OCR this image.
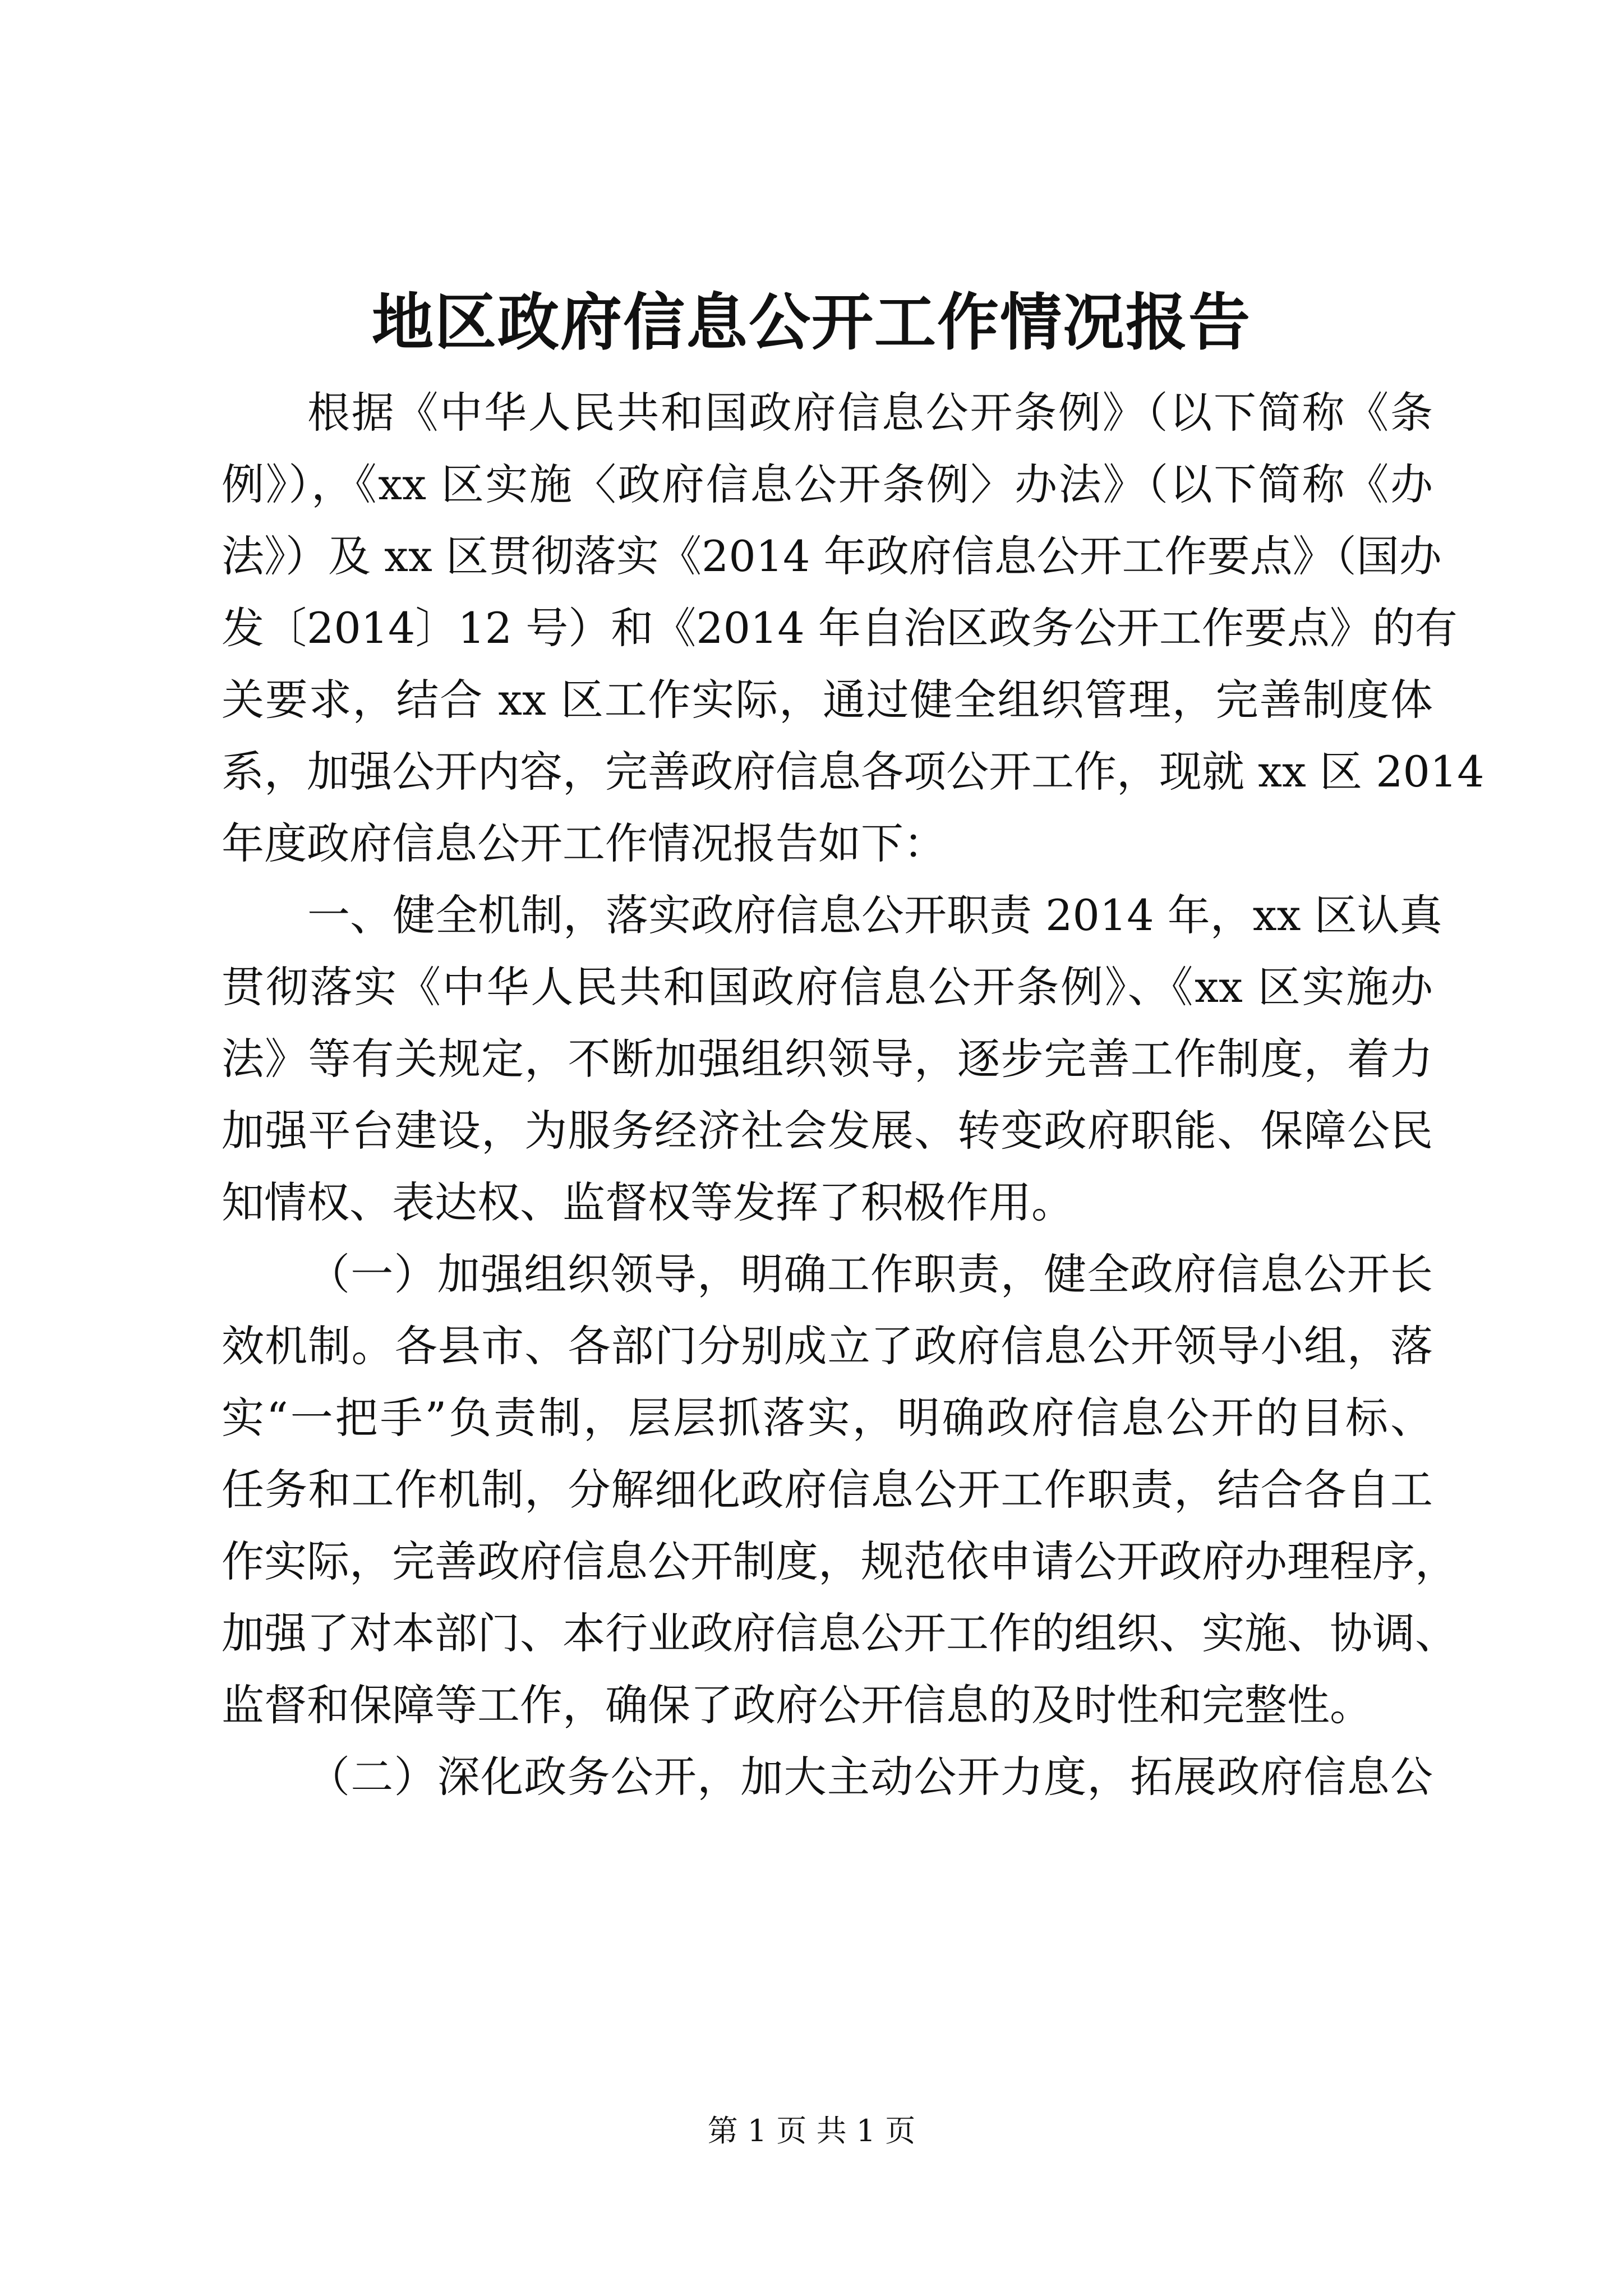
地区政府信息公开工作情况报告
根据《中华人民共和国政府信息公开条例》（以下简称《条
例》），《xx 区实施〈政府信息公开条例〉办法》（以下简称《办
法》）及 xx 区贯彻落实《2014 年政府信息公开工作要点》（国办
发〔2014〕12 号）和《2014 年自治区政务公开工作要点》的有
关要求，结合 xx 区工作实际，通过健全组织管理，完善制度体
系，加强公开内容，完善政府信息各项公开工作，现就 xx 区 2014
年度政府信息公开工作情况报告如下：
一、健全机制，落实政府信息公开职责 2014 年，xx 区认真
贯彻落实《中华人民共和国政府信息公开条例》、《xx 区实施办
法》等有关规定，不断加强组织领导，逐步完善工作制度，着力
加强平台建设，为服务经济社会发展、转变政府职能、保障公民
知情权、表达权、监督权等发挥了积极作用。
（一）加强组织领导，明确工作职责，健全政府信息公开长
效机制。各县市、各部门分别成立了政府信息公开领导小组，落
实“一把手”负责制，层层抓落实，明确政府信息公开的目标、
任务和工作机制，分解细化政府信息公开工作职责，结合各自工
作实际，完善政府信息公开制度，规范依申请公开政府办理程序，
加强了对本部门、本行业政府信息公开工作的组织、实施、协调、
监督和保障等工作，确保了政府公开信息的及时性和完整性。
（二）深化政务公开，加大主动公开力度，拓展政府信息公
第 1 页 共 1 页
